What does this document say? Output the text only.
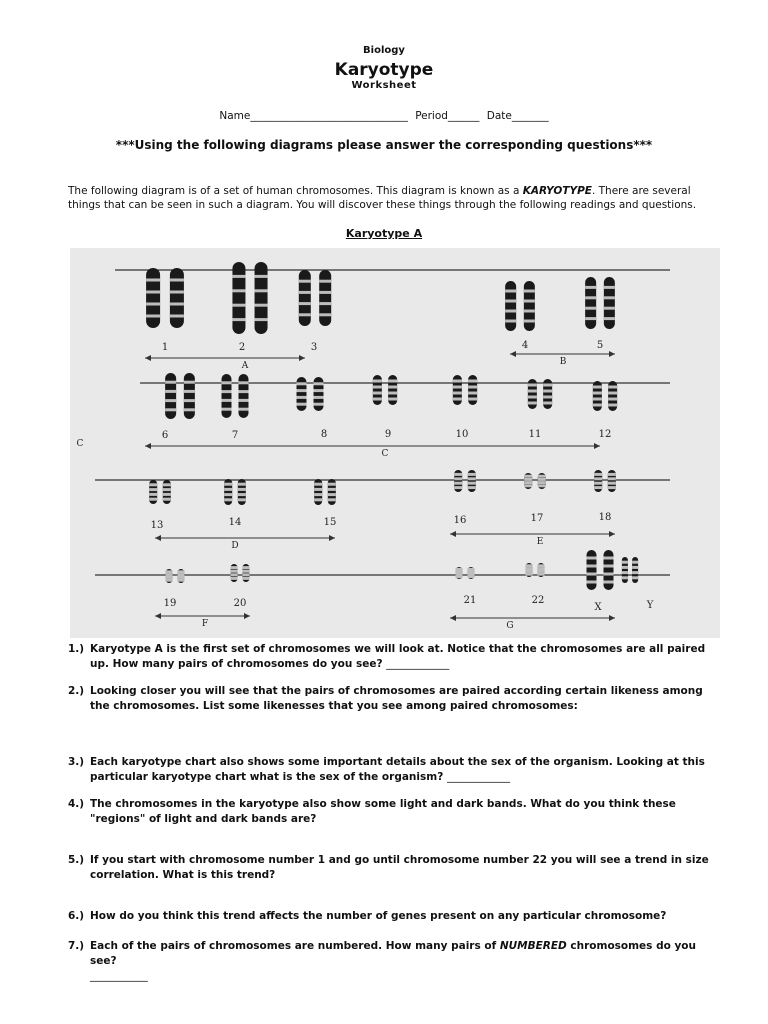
Biology
Karyotype
Worksheet
Name______________________________ Period______ Date_______
***Using the following diagrams please answer the corresponding questions***
The following diagram is of a set of human chromosomes. This diagram is known as a KARYOTYPE. There are several things that can be seen in such a diagram. You will discover these things through the following readings and questions.
Karyotype A
1	2	3	4	5
6	7	8	9	10	11	12
13	14	15	16	17	18
19	20	21	22
X	Y
A	B
C
D	E
F	G
C
1.) Karyotype A is the first set of chromosomes we will look at. Notice that the chromosomes are all paired up. How many pairs of chromosomes do you see? ____________
2.) Looking closer you will see that the pairs of chromosomes are paired according certain likeness among the chromosomes. List some likenesses that you see among paired chromosomes:
3.) Each karyotype chart also shows some important details about the sex of the organism. Looking at this particular karyotype chart what is the sex of the organism? ____________
4.) The chromosomes in the karyotype also show some light and dark bands. What do you think these "regions" of light and dark bands are?
5.) If you start with chromosome number 1 and go until chromosome number 22 you will see a trend in size correlation. What is this trend?
6.) How do you think this trend affects the number of genes present on any particular chromosome?
7.) Each of the pairs of chromosomes are numbered. How many pairs of NUMBERED chromosomes do you see?
___________
